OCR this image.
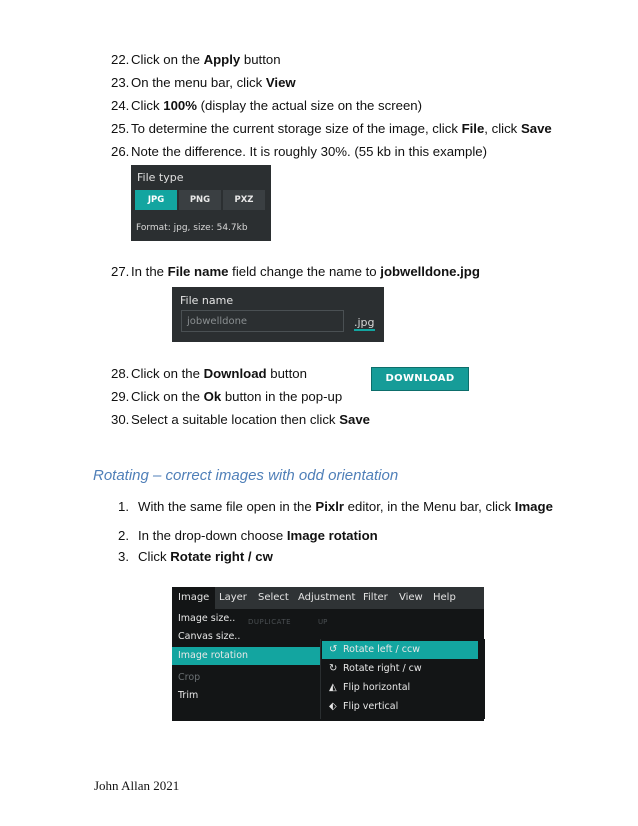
22. Click on the Apply button
23. On the menu bar, click View
24. Click 100% (display the actual size on the screen)
25. To determine the current storage size of the image, click File, click Save
26. Note the difference. It is roughly 30%. (55 kb in this example)
File type
JPG	PNG	PXZ
Format: jpg, size: 54.7kb
27. In the File name field change the name to jobwelldone.jpg
File name
jobwelldone	.jpg
28. Click on the Download button
29. Click on the Ok button in the pop-up
30. Select a suitable location then click Save
DOWNLOAD
Rotating – correct images with odd orientation
1. With the same file open in the Pixlr editor, in the Menu bar, click Image
2. In the drop-down choose Image rotation
3. Click Rotate right / cw
Image Layer Select Adjustment Filter View Help
DUPLICATE	UP
Image size..
Canvas size..
Image rotation
Crop
Trim
↺ Rotate left / ccw
↻ Rotate right / cw
◭ Flip horizontal
⬖ Flip vertical
John Allan 2021
